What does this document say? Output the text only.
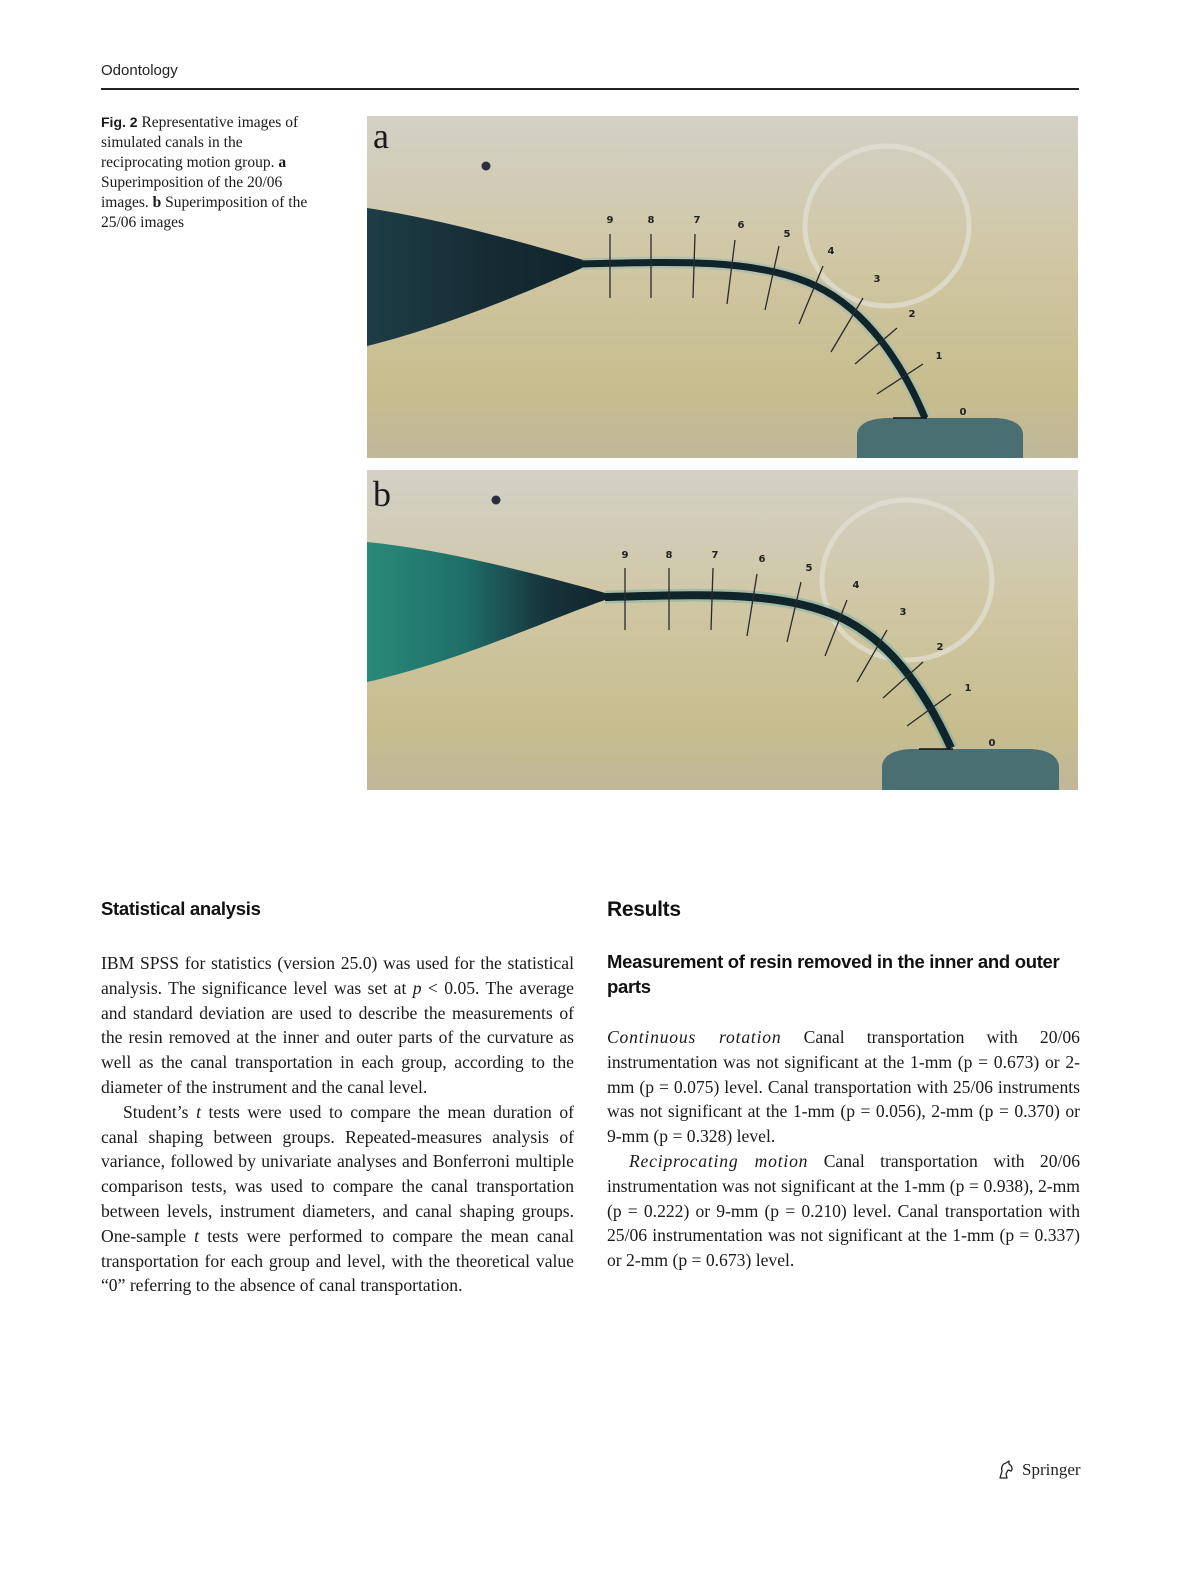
Odontology
Fig. 2 Representative images of simulated canals in the reciprocating motion group. a Superimposition of the 20/06 images. b Superimposition of the 25/06 images	9	8	7	6
5
4
3
2
1
0
a
9	8	7	6
5
4
3
2
1
0
b
Statistical analysis

IBM SPSS for statistics (version 25.0) was used for the statistical analysis. The significance level was set at p < 0.05. The average and standard deviation are used to describe the measurements of the resin removed at the inner and outer parts of the curvature as well as the canal transportation in each group, according to the diameter of the instrument and the canal level.

Student’s t tests were used to compare the mean duration of canal shaping between groups. Repeated-measures analysis of variance, followed by univariate analyses and Bonferroni multiple comparison tests, was used to compare the canal transportation between levels, instrument diameters, and canal shaping groups. One-sample t tests were performed to compare the mean canal transportation for each group and level, with the theoretical value “0” referring to the absence of canal transportation.

Results
Measurement of resin removed in the inner and outer parts

Continuous rotation Canal transportation with 20/06 instrumentation was not significant at the 1-mm (p = 0.673) or 2-mm (p = 0.075) level. Canal transportation with 25/06 instruments was not significant at the 1-mm (p = 0.056), 2-mm (p = 0.370) or 9-mm (p = 0.328) level.

Reciprocating motion Canal transportation with 20/06 instrumentation was not significant at the 1-mm (p = 0.938), 2-mm (p = 0.222) or 9-mm (p = 0.210) level. Canal transportation with 25/06 instrumentation was not significant at the 1-mm (p = 0.337) or 2-mm (p = 0.673) level.

Springer
